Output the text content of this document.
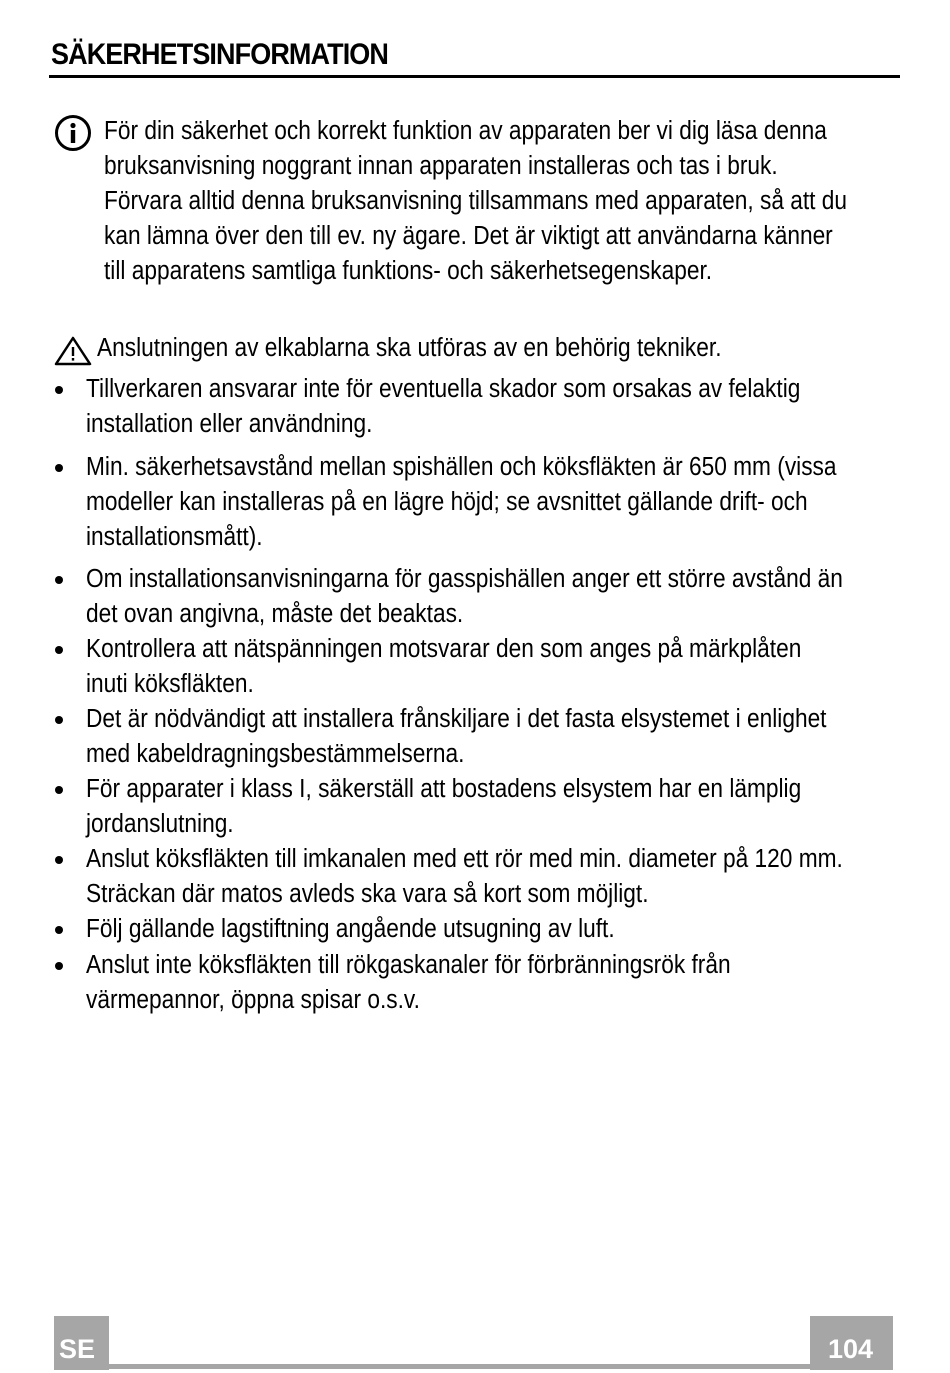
SÄKERHETSINFORMATION
För din säkerhet och korrekt funktion av apparaten ber vi dig läsa denna
bruksanvisning noggrant innan apparaten installeras och tas i bruk.
Förvara alltid denna bruksanvisning tillsammans med apparaten, så att du
kan lämna över den till ev. ny ägare. Det är viktigt att användarna känner
till apparatens samtliga funktions- och säkerhetsegenskaper.
Anslutningen av elkablarna ska utföras av en behörig tekniker.
Tillverkaren ansvarar inte för eventuella skador som orsakas av felaktig
installation eller användning.
Min. säkerhetsavstånd mellan spishällen och köksfläkten är 650 mm (vissa
modeller kan installeras på en lägre höjd; se avsnittet gällande drift- och
installationsmått).
Om installationsanvisningarna för gasspishällen anger ett större avstånd än
det ovan angivna, måste det beaktas.
Kontrollera att nätspänningen motsvarar den som anges på märkplåten
inuti köksfläkten.
Det är nödvändigt att installera frånskiljare i det fasta elsystemet i enlighet
med kabeldragningsbestämmelserna.
För apparater i klass I, säkerställ att bostadens elsystem har en lämplig
jordanslutning.
Anslut köksfläkten till imkanalen med ett rör med min. diameter på 120 mm.
Sträckan där matos avleds ska vara så kort som möjligt.
Följ gällande lagstiftning angående utsugning av luft.
Anslut inte köksfläkten till rökgaskanaler för förbränningsrök från
värmepannor, öppna spisar o.s.v.
SE	104
